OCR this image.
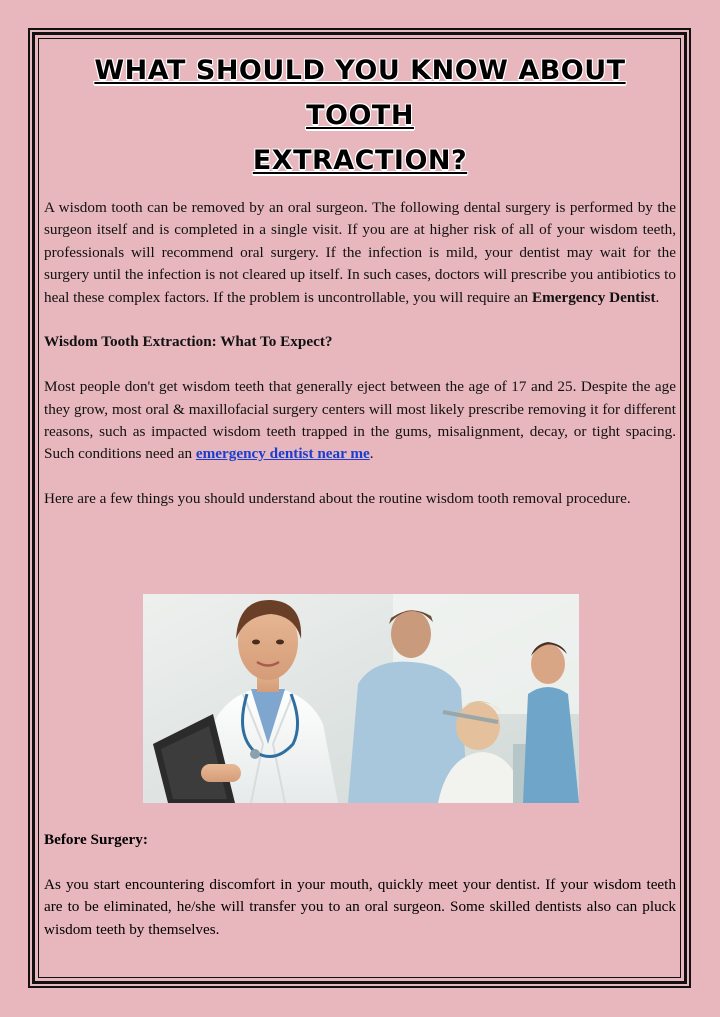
WHAT SHOULD YOU KNOW ABOUT TOOTH
EXTRACTION?

A wisdom tooth can be removed by an oral surgeon. The following dental surgery is performed by the surgeon itself and is completed in a single visit. If you are at higher risk of all of your wisdom teeth, professionals will recommend oral surgery. If the infection is mild, your dentist may wait for the surgery until the infection is not cleared up itself. In such cases, doctors will prescribe you antibiotics to heal these complex factors. If the problem is uncontrollable, you will require an Emergency Dentist.

Wisdom Tooth Extraction: What To Expect?

Most people don't get wisdom teeth that generally eject between the age of 17 and 25. Despite the age they grow, most oral & maxillofacial surgery centers will most likely prescribe removing it for different reasons, such as impacted wisdom teeth trapped in the gums, misalignment, decay, or tight spacing. Such conditions need an emergency dentist near me.

Here are a few things you should understand about the routine wisdom tooth removal procedure.

Before Surgery:

As you start encountering discomfort in your mouth, quickly meet your dentist. If your wisdom teeth are to be eliminated, he/she will transfer you to an oral surgeon. Some skilled dentists also can pluck wisdom teeth by themselves.
